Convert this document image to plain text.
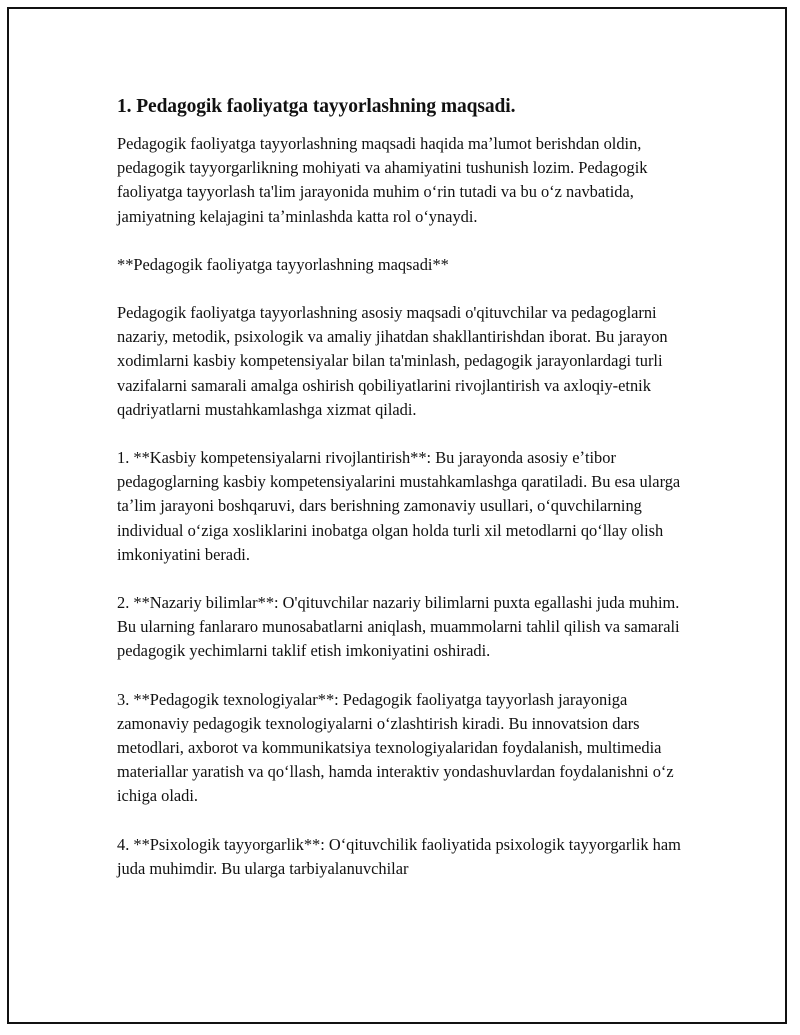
1. Pedagogik faoliyatga tayyorlashning maqsadi.

Pedagogik faoliyatga tayyorlashning maqsadi haqida maʼlumot berishdan oldin, pedagogik tayyorgarlikning mohiyati va ahamiyatini tushunish lozim. Pedagogik faoliyatga tayyorlash ta'lim jarayonida muhim oʻrin tutadi va bu oʻz navbatida, jamiyatning kelajagini taʼminlashda katta rol oʻynaydi.

**Pedagogik faoliyatga tayyorlashning maqsadi**

Pedagogik faoliyatga tayyorlashning asosiy maqsadi o'qituvchilar va pedagoglarni nazariy, metodik, psixologik va amaliy jihatdan shakllantirishdan iborat. Bu jarayon xodimlarni kasbiy kompetensiyalar bilan ta'minlash, pedagogik jarayonlardagi turli vazifalarni samarali amalga oshirish qobiliyatlarini rivojlantirish va axloqiy-etnik qadriyatlarni mustahkamlashga xizmat qiladi.

1. **Kasbiy kompetensiyalarni rivojlantirish**: Bu jarayonda asosiy eʼtibor pedagoglarning kasbiy kompetensiyalarini mustahkamlashga qaratiladi. Bu esa ularga taʼlim jarayoni boshqaruvi, dars berishning zamonaviy usullari, oʻquvchilarning individual oʻziga xosliklarini inobatga olgan holda turli xil metodlarni qoʻllay olish imkoniyatini beradi.

2. **Nazariy bilimlar**: O'qituvchilar nazariy bilimlarni puxta egallashi juda muhim. Bu ularning fanlararo munosabatlarni aniqlash, muammolarni tahlil qilish va samarali pedagogik yechimlarni taklif etish imkoniyatini oshiradi.

3. **Pedagogik texnologiyalar**: Pedagogik faoliyatga tayyorlash jarayoniga zamonaviy pedagogik texnologiyalarni oʻzlashtirish kiradi. Bu innovatsion dars metodlari, axborot va kommunikatsiya texnologiyalaridan foydalanish, multimedia materiallar yaratish va qoʻllash, hamda interaktiv yondashuvlardan foydalanishni oʻz ichiga oladi.

4. **Psixologik tayyorgarlik**: Oʻqituvchilik faoliyatida psixologik tayyorgarlik ham juda muhimdir. Bu ularga tarbiyalanuvchilar
